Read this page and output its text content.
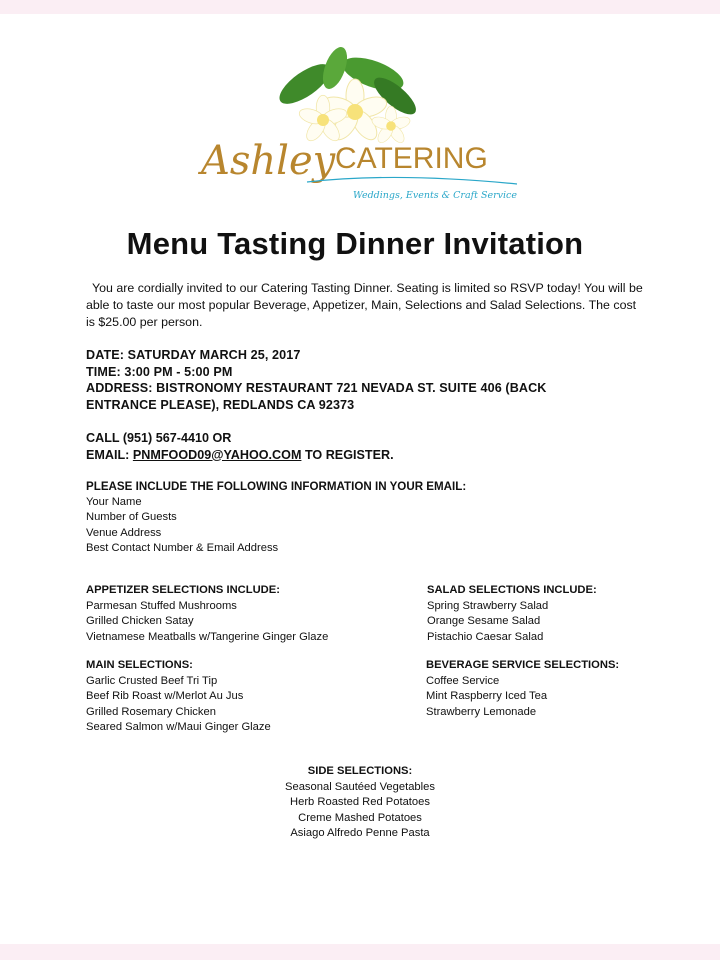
Ashley CATERING
Weddings, Events & Craft Service
Menu Tasting Dinner Invitation
You are cordially invited to our Catering Tasting Dinner. Seating is limited so RSVP today! You will be able to taste our most popular Beverage, Appetizer, Main, Selections and Salad Selections. The cost is $25.00 per person.
DATE: SATURDAY MARCH 25, 2017
TIME: 3:00 PM - 5:00 PM
ADDRESS: BISTRONOMY RESTAURANT 721 NEVADA ST. SUITE 406 (BACK
ENTRANCE PLEASE), REDLANDS CA 92373
CALL (951) 567-4410 OR
EMAIL: PNMFOOD09@YAHOO.COM TO REGISTER.
PLEASE INCLUDE THE FOLLOWING INFORMATION IN YOUR EMAIL:
Your Name
Number of Guests
Venue Address
Best Contact Number & Email Address
APPETIZER SELECTIONS INCLUDE:
Parmesan Stuffed Mushrooms
Grilled Chicken Satay
Vietnamese Meatballs w/Tangerine Ginger Glaze
SALAD SELECTIONS INCLUDE:
Spring Strawberry Salad
Orange Sesame Salad
Pistachio Caesar Salad
MAIN SELECTIONS:
Garlic Crusted Beef Tri Tip
Beef Rib Roast w/Merlot Au Jus
Grilled Rosemary Chicken
Seared Salmon w/Maui Ginger Glaze
BEVERAGE SERVICE SELECTIONS:
Coffee Service
Mint Raspberry Iced Tea
Strawberry Lemonade
SIDE SELECTIONS:
Seasonal Sautéed Vegetables
Herb Roasted Red Potatoes
Creme Mashed Potatoes
Asiago Alfredo Penne Pasta
